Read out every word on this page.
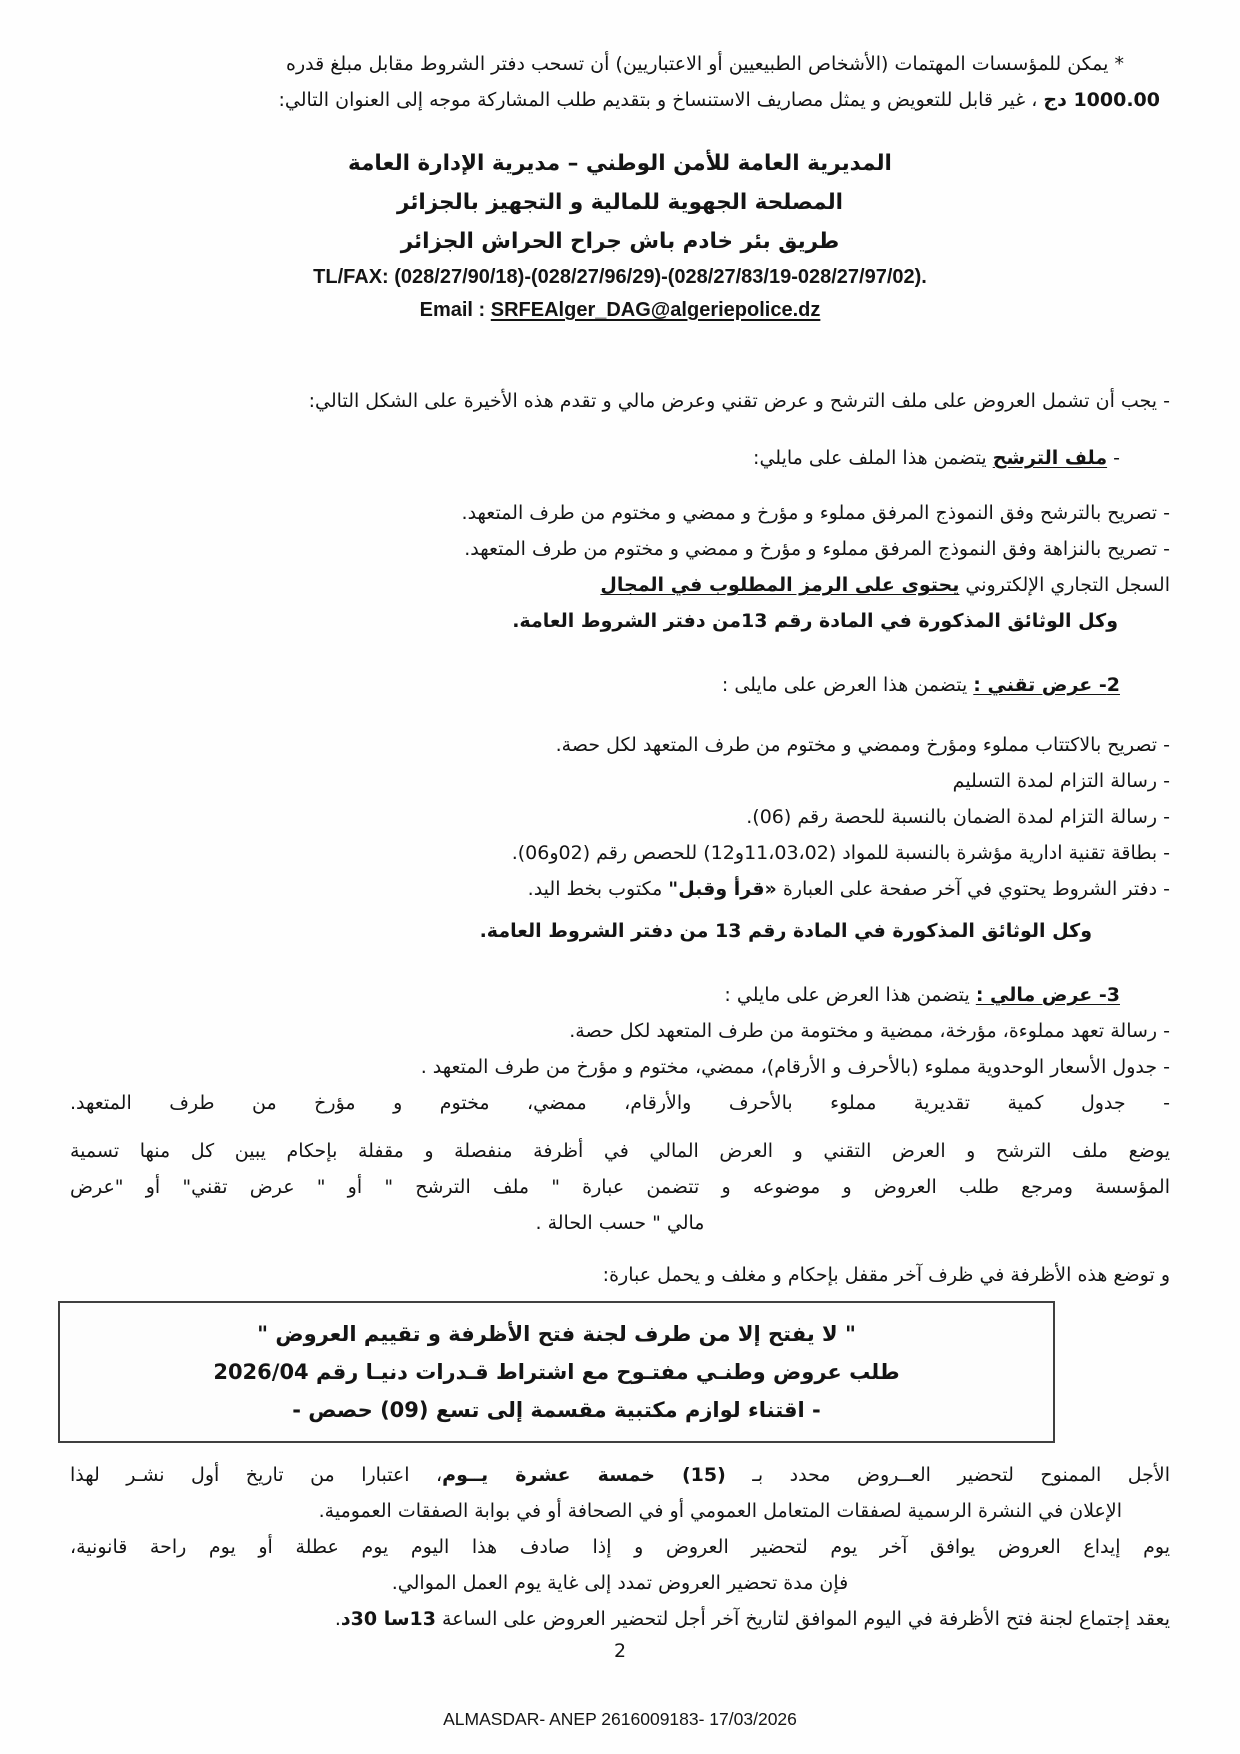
* يمكن للمؤسسات المهتمات (الأشخاص الطبيعيين أو الاعتباريين) أن تسحب دفتر الشروط مقابل مبلغ قدره
1000.00 دج ، غير قابل للتعويض و يمثل مصاريف الاستنساخ و بتقديم طلب المشاركة موجه إلى العنوان التالي:
المديرية العامة للأمن الوطني – مديرية الإدارة العامة
المصلحة الجهوية للمالية و التجهيز بالجزائر
طريق بئر خادم باش جراح الحراش الجزائر
TL/FAX: (028/27/90/18)-(028/27/96/29)-(028/27/83/19-028/27/97/02).
Email : SRFEAlger_DAG@algeriepolice.dz
- يجب أن تشمل العروض على ملف الترشح و عرض تقني وعرض مالي و تقدم هذه الأخيرة على الشكل التالي:
- ملف الترشح يتضمن هذا الملف على مايلي:
- تصريح بالترشح وفق النموذج المرفق مملوء و مؤرخ و ممضي و مختوم من طرف المتعهد.
- تصريح بالنزاهة وفق النموذج المرفق مملوء و مؤرخ و ممضي و مختوم من طرف المتعهد.
السجل التجاري الإلكتروني يحتوى على الرمز المطلوب في المجال
وكل الوثائق المذكورة في المادة رقم 13من دفتر الشروط العامة.
2- عرض تقني : يتضمن هذا العرض على مايلى :
- تصريح بالاكتتاب مملوء ومؤرخ وممضي و مختوم من طرف المتعهد لكل حصة.
- رسالة التزام لمدة التسليم
- رسالة التزام لمدة الضمان بالنسبة للحصة رقم (06).
- بطاقة تقنية ادارية مؤشرة بالنسبة للمواد (11،03،02و12) للحصص رقم (02و06).
- دفتر الشروط يحتوي في آخر صفحة على العبارة «قرأ وقبل" مكتوب بخط اليد.
وكل الوثائق المذكورة في المادة رقم 13 من دفتر الشروط العامة.
3- عرض مالي : يتضمن هذا العرض على مايلي :
- رسالة تعهد مملوءة، مؤرخة، ممضية و مختومة من طرف المتعهد لكل حصة.
- جدول الأسعار الوحدوية مملوء (بالأحرف و الأرقام)، ممضي، مختوم و مؤرخ من طرف المتعهد .
- جدول كمية تقديرية مملوء بالأحرف والأرقام، ممضي، مختوم و مؤرخ من طرف المتعهد.
يوضع ملف الترشح و العرض التقني و العرض المالي في أظرفة منفصلة و مقفلة بإحكام يبين كل منها تسمية
المؤسسة ومرجع طلب العروض و موضوعه و تتضمن عبارة " ملف الترشح " أو " عرض تقني" أو "عرض
مالي " حسب الحالة .
و توضع هذه الأظرفة في ظرف آخر مقفل بإحكام و مغلف و يحمل عبارة:
" لا يفتح إلا من طرف لجنة فتح الأظرفة و تقييم العروض "
طلب عروض وطنـي مفتـوح مع اشتراط قـدرات دنيـا رقم 2026/04
- اقتناء لوازم مكتبية مقسمة إلى تسع (09) حصص -
الأجل الممنوح لتحضير العــروض محدد بـ (15) خمسة عشرة يــوم، اعتبارا من تاريخ أول نشـر لهذا
الإعلان في النشرة الرسمية لصفقات المتعامل العمومي أو في الصحافة أو في بوابة الصفقات العمومية.
يوم إيداع العروض يوافق آخر يوم لتحضير العروض و إذا صادف هذا اليوم يوم عطلة أو يوم راحة قانونية،
فإن مدة تحضير العروض تمدد إلى غاية يوم العمل الموالي.
يعقد إجتماع لجنة فتح الأظرفة في اليوم الموافق لتاريخ آخر أجل لتحضير العروض على الساعة 13سا 30د.
2
ALMASDAR- ANEP 2616009183- 17/03/2026
